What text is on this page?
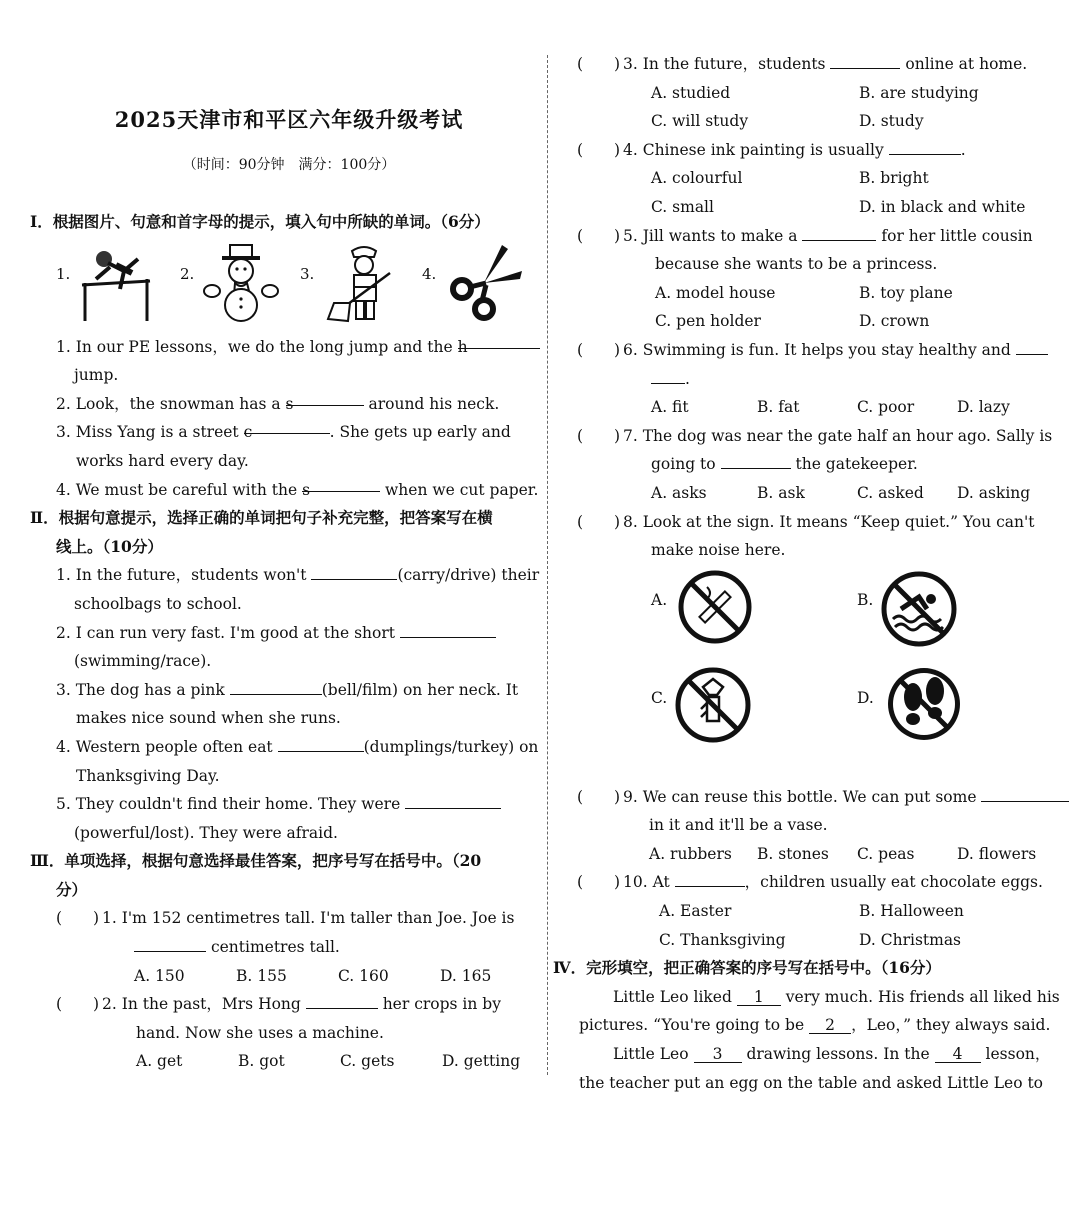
2025天津市和平区六年级升级考试
（时间：90分钟　满分：100分）
Ⅰ．根据图片、句意和首字母的提示，填入句中所缺的单词。（6分）
1.	2.	3.	4.
1. In our PE lessons，we do the long jump and the h
jump.
2. Look，the snowman has a s	around his neck.
3. Miss Yang is a street c	. She gets up early and
works hard every day.
4. We must be careful with the s	when we cut paper.
Ⅱ．根据句意提示，选择正确的单词把句子补充完整，把答案写在横
线上。（10分）
1. In the future，students won't	(carry/drive) their
schoolbags to school.
2. I can run very fast. I'm good at the short
(swimming/race).
3. The dog has a pink	(bell/film) on her neck. It
makes nice sound when she runs.
4. Western people often eat	(dumplings/turkey) on
Thanksgiving Day.
5. They couldn't find their home. They were
(powerful/lost). They were afraid.
Ⅲ．单项选择，根据句意选择最佳答案，把序号写在括号中。（20
分）
(　　) 1. I'm 152 centimetres tall. I'm taller than Joe. Joe is
centimetres tall.
A. 150	B. 155	C. 160	D. 165
(　　) 2. In the past，Mrs Hong	her crops in by
hand. Now she uses a machine.
A. get	B. got	C. gets	D. getting
(　　) 3. In the future，students	online at home.
A. studied	B. are studying
C. will study	D. study
(　　) 4. Chinese ink painting is usually	.
A. colourful	B. bright
C. small	D. in black and white
(　　) 5. Jill wants to make a	for her little cousin
because she wants to be a princess.
A. model house	B. toy plane
C. pen holder	D. crown
(　　) 6. Swimming is fun. It helps you stay healthy and
.
A. fit	B. fat	C. poor	D. lazy
(　　) 7. The dog was near the gate half an hour ago. Sally is
going to	the gatekeeper.
A. asks	B. ask	C. asked	D. asking
(　　) 8. Look at the sign. It means “Keep quiet.” You can't
make noise here.
A.	B.
C.	D.
(　　) 9. We can reuse this bottle. We can put some
in it and it'll be a vase.
A. rubbers	B. stones	C. peas	D. flowers
(　　) 10. At	，children usually eat chocolate eggs.
A. Easter	B. Halloween
C. Thanksgiving	D. Christmas
Ⅳ．完形填空，把正确答案的序号写在括号中。（16分）
Little Leo liked 1 very much. His friends all liked his
pictures. “You're going to be 2 ，Leo，” they always said.
Little Leo 3 drawing lessons. In the 4 lesson，
the teacher put an egg on the table and asked Little Leo to
